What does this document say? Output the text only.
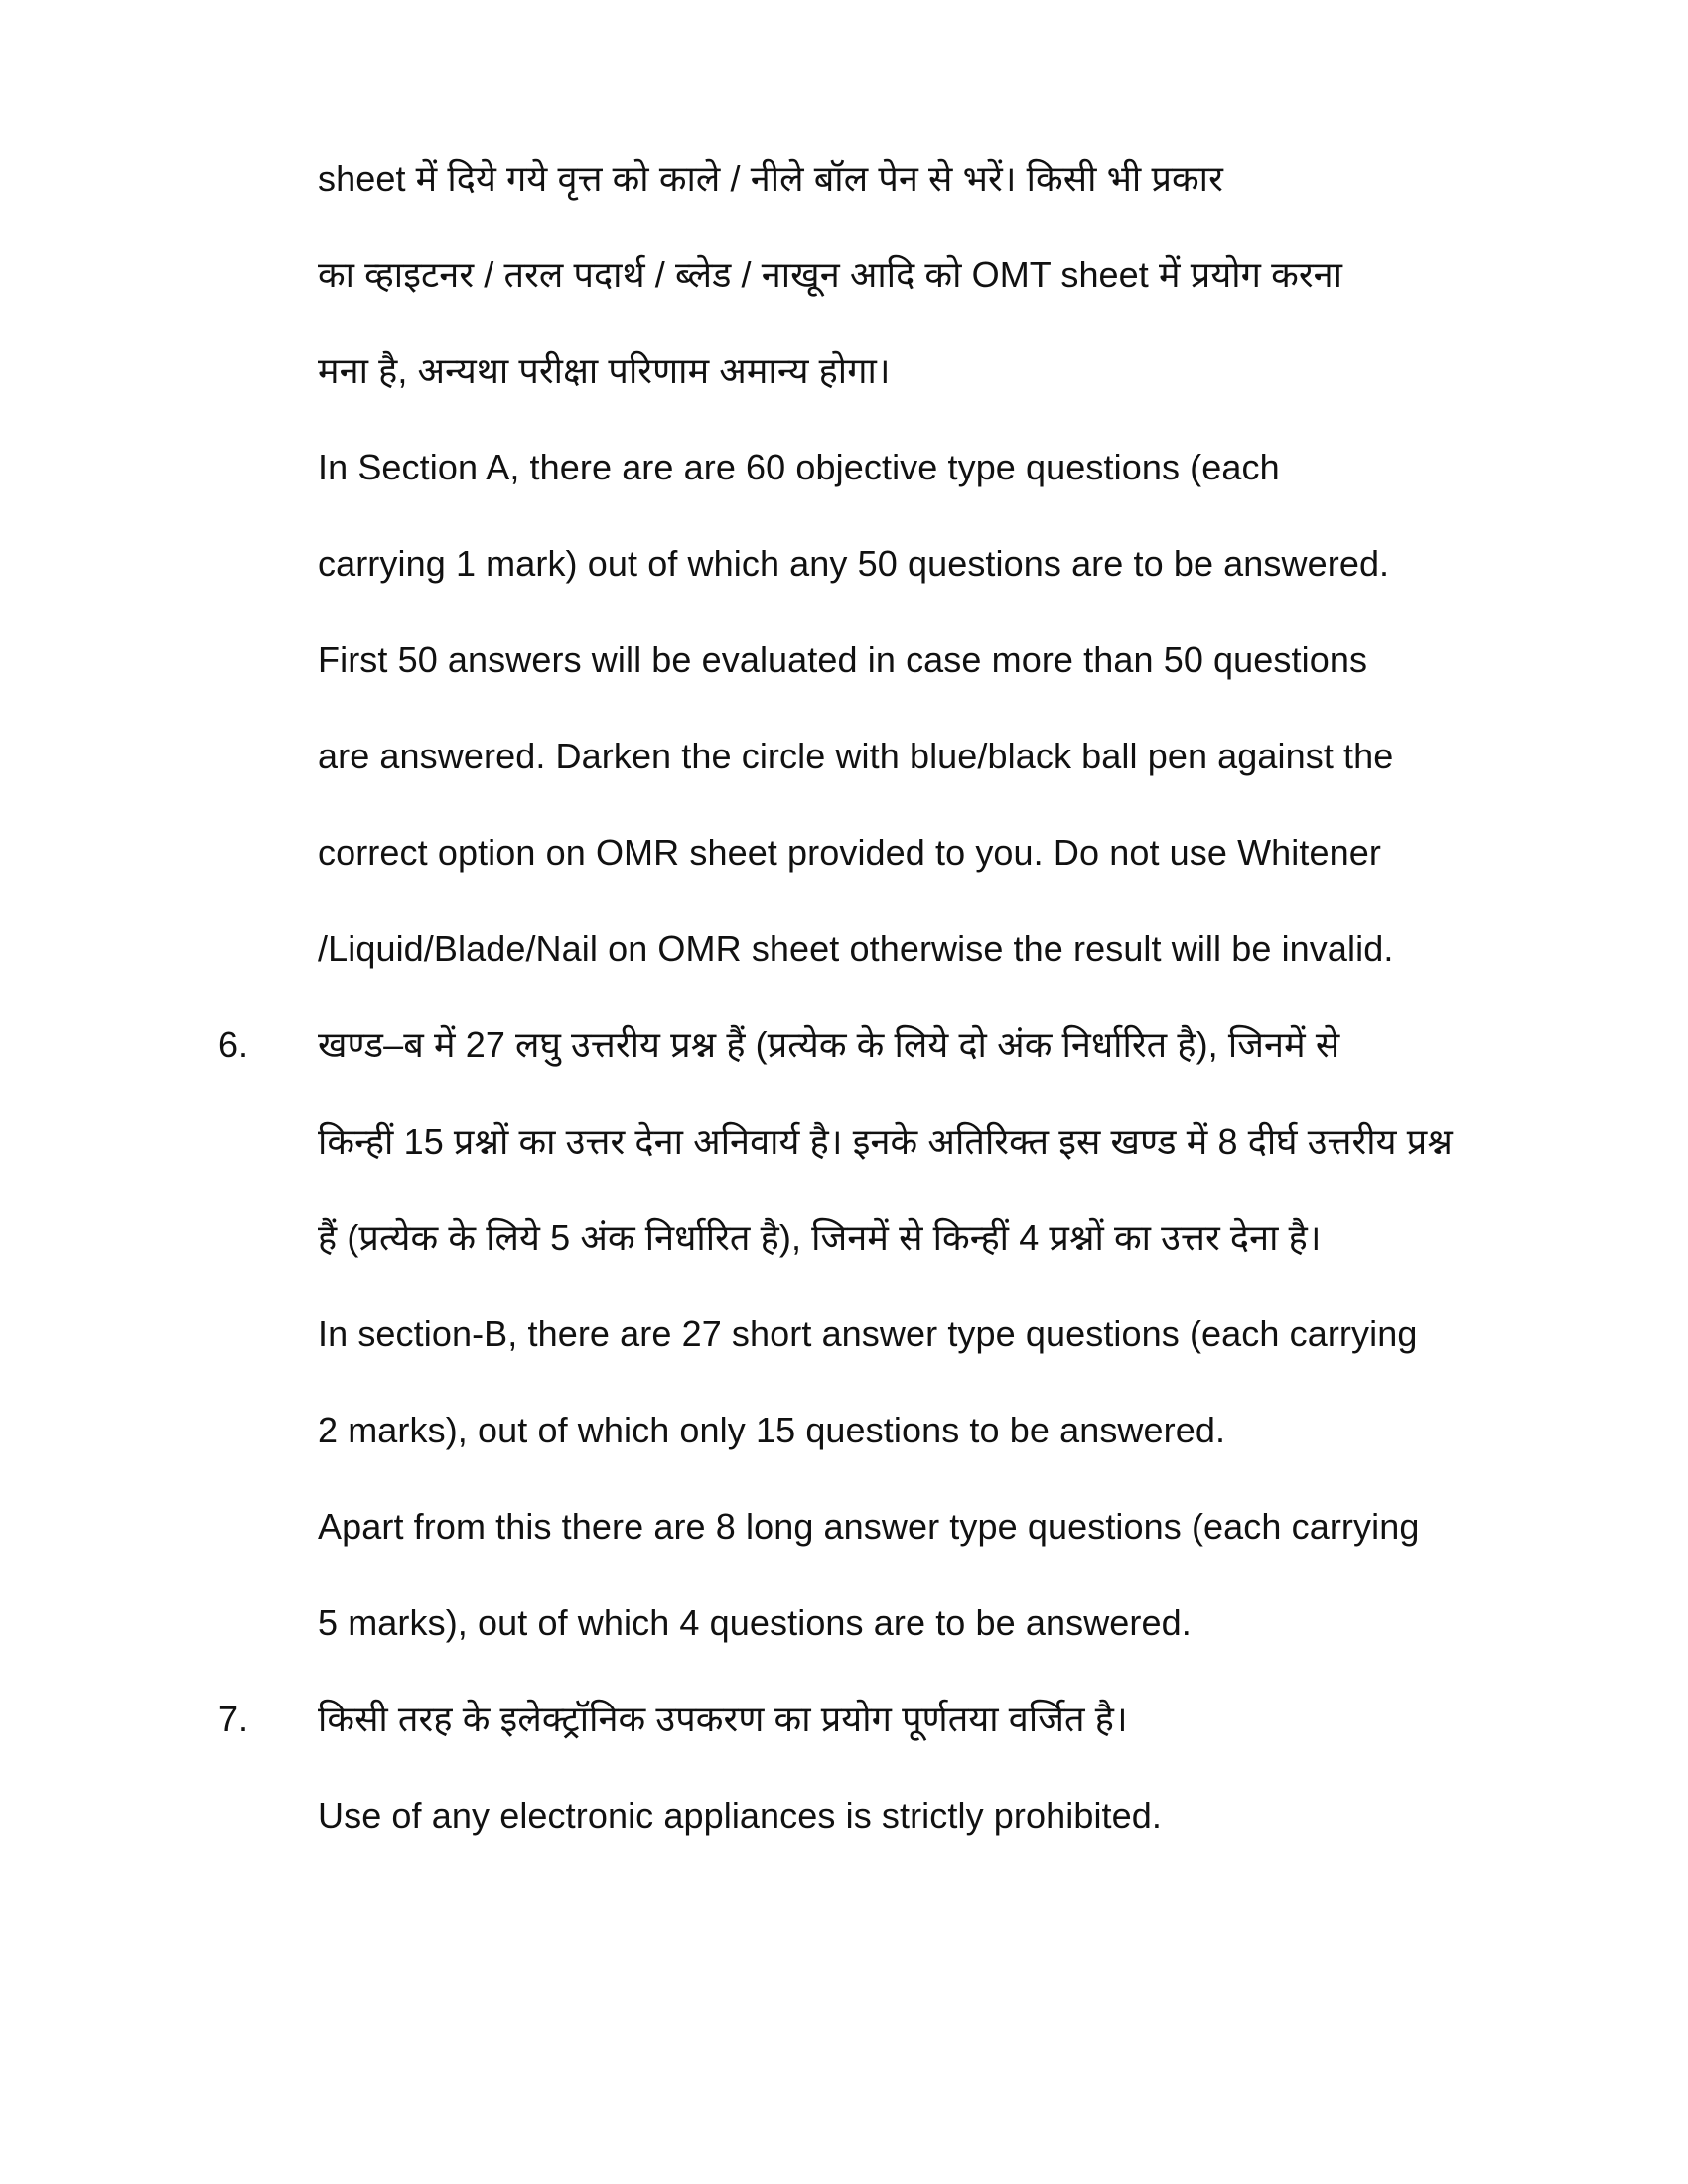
sheet में दिये गये वृत्त को काले / नीले बॉल पेन से भरें। किसी भी प्रकार
का व्हाइटनर / तरल पदार्थ / ब्लेड / नाखून आदि को OMT sheet में प्रयोग करना
मना है, अन्यथा परीक्षा परिणाम अमान्य होगा।
In Section A, there are are 60 objective type questions (each
carrying 1 mark) out of which any 50 questions are to be answered.
First 50 answers will be evaluated in case more than 50 questions
are answered. Darken the circle with blue/black ball pen against the
correct option on OMR sheet provided to you. Do not use Whitener
/Liquid/Blade/Nail on OMR sheet otherwise the result will be invalid.
6. खण्ड–ब में 27 लघु उत्तरीय प्रश्न हैं (प्रत्येक के लिये दो अंक निर्धारित है), जिनमें से
किन्हीं 15 प्रश्नों का उत्तर देना अनिवार्य है। इनके अतिरिक्त इस खण्ड में 8 दीर्घ उत्तरीय प्रश्न
हैं (प्रत्येक के लिये 5 अंक निर्धारित है), जिनमें से किन्हीं 4 प्रश्नों का उत्तर देना है।
In section-B, there are 27 short answer type questions (each carrying
2 marks), out of which only 15 questions to be answered.
Apart from this there are 8 long answer type questions (each carrying
5 marks), out of which 4 questions are to be answered.
7. किसी तरह के इलेक्ट्रॉनिक उपकरण का प्रयोग पूर्णतया वर्जित है।
Use of any electronic appliances is strictly prohibited.
